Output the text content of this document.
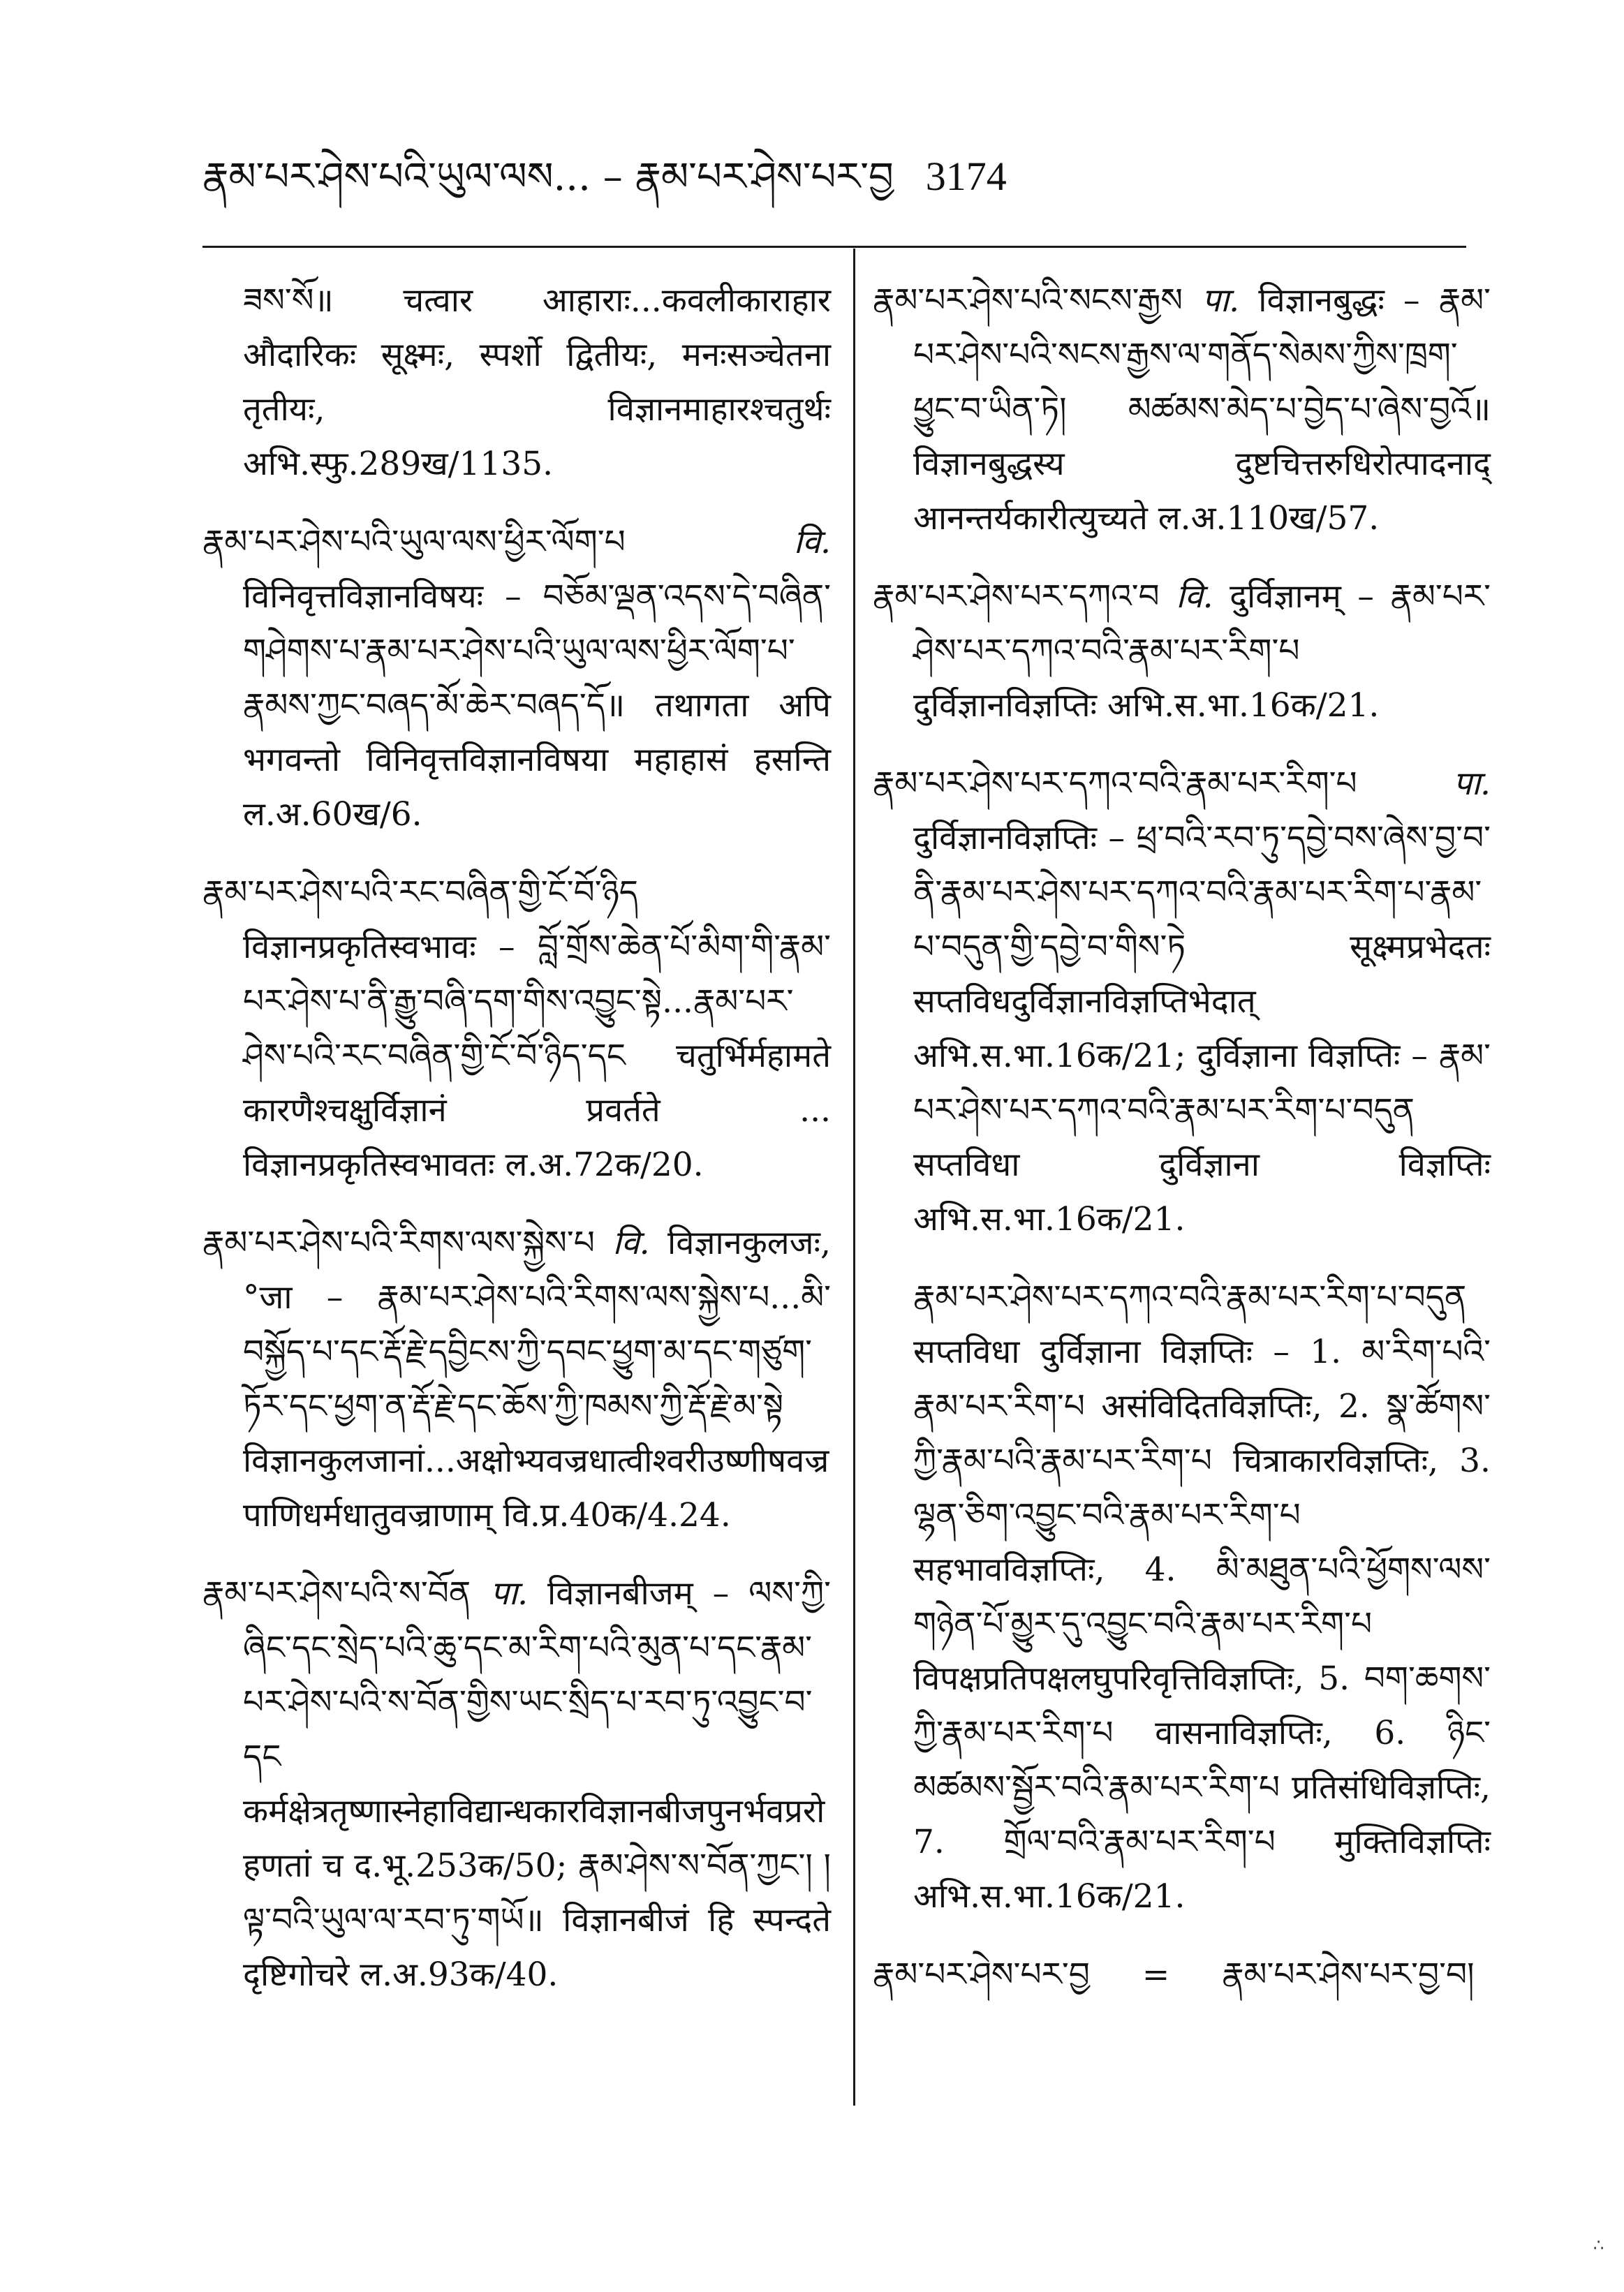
རྣམ་པར་ཤེས་པའི་ཡུལ་ལས... – རྣམ་པར་ཤེས་པར་བྱ 3174

ཟས་སོ॥ चत्वार आहाराः...कवलीकाराहार औदारिकः सूक्ष्मः, स्पर्शो द्वितीयः, मनःसञ्चेतना तृतीयः, विज्ञानमाहारश्चतुर्थः अभि.स्फु.289ख/1135.

རྣམ་པར་ཤེས་པའི་ཡུལ་ལས་ཕྱིར་ལོག་པ	वि. विनिवृत्तविज्ञानविषयः – བཅོམ་ལྡན་འདས་དེ་བཞིན་གཤེགས་པ་རྣམ་པར་ཤེས་པའི་ཡུལ་ལས་ཕྱིར་ལོག་པ་རྣམས་ཀྱང་བཞད་མོ་ཆེར་བཞད་དོ॥ तथागता अपि भगवन्तो विनिवृत्तविज्ञानविषया महाहासं हसन्ति ल.अ.60ख/6.

རྣམ་པར་ཤེས་པའི་རང་བཞིན་གྱི་ངོ་བོ་ཉིད विज्ञानप्रकृतिस्वभावः – བློ་གྲོས་ཆེན་པོ་མིག་གི་རྣམ་པར་ཤེས་པ་ནི་རྒྱུ་བཞི་དག་གིས་འབྱུང་སྟེ...རྣམ་པར་ཤེས་པའི་རང་བཞིན་གྱི་ངོ་བོ་ཉིད་དང चतुर्भिर्महामते कारणैश्चक्षुर्विज्ञानं प्रवर्तते ... विज्ञानप्रकृतिस्वभावतः ल.अ.72क/20.

རྣམ་པར་ཤེས་པའི་རིགས་ལས་སྐྱེས་པ वि. विज्ञानकुलजः, °जा – རྣམ་པར་ཤེས་པའི་རིགས་ལས་སྐྱེས་པ...མི་བསྐྱོད་པ་དང་རྡོ་རྗེ་དབྱིངས་ཀྱི་དབང་ཕྱུག་མ་དང་གཙུག་ཏོར་དང་ཕྱག་ན་རྡོ་རྗེ་དང་ཆོས་ཀྱི་ཁམས་ཀྱི་རྡོ་རྗེ་མ་སྟེ विज्ञानकुलजानां...अक्षोभ्यवज्रधात्वीश्वरीउष्णीषवज्रपाणिधर्मधातुवज्राणाम् वि.प्र.40क/4.24.

རྣམ་པར་ཤེས་པའི་ས་བོན पा. विज्ञानबीजम् – ལས་ཀྱི་ཞིང་དང་སྲེད་པའི་ཆུ་དང་མ་རིག་པའི་མུན་པ་དང་རྣམ་པར་ཤེས་པའི་ས་བོན་གྱིས་ཡང་སྲིད་པ་རབ་ཏུ་འབྱུང་བ་དང कर्मक्षेत्रतृष्णास्नेहाविद्यान्धकारविज्ञानबीजपुनर्भवप्ररोहणतां च द.भू.253क/50; རྣམ་ཤེས་ས་བོན་ཀྱང་། །ལྟ་བའི་ཡུལ་ལ་རབ་ཏུ་གཡོ॥ विज्ञानबीजं हि स्पन्दते दृष्टिगोचरे ल.अ.93क/40.

རྣམ་པར་ཤེས་པའི་སངས་རྒྱས पा. विज्ञानबुद्धः – རྣམ་པར་ཤེས་པའི་སངས་རྒྱས་ལ་གནོད་སེམས་ཀྱིས་ཁྲག་ཕྱུང་བ་ཡིན་ཏེ། མཚམས་མེད་པ་བྱེད་པ་ཞེས་བྱའོ॥ विज्ञानबुद्धस्य दुष्टचित्तरुधिरोत्पादनाद् आनन्तर्यकारीत्युच्यते ल.अ.110ख/57.

རྣམ་པར་ཤེས་པར་དཀའ་བ वि. दुर्विज्ञानम् – རྣམ་པར་ཤེས་པར་དཀའ་བའི་རྣམ་པར་རིག་པ दुर्विज्ञानविज्ञप्तिः अभि.स.भा.16क/21.

རྣམ་པར་ཤེས་པར་དཀའ་བའི་རྣམ་པར་རིག་པ	पा. दुर्विज्ञानविज्ञप्तिः – ཕྲ་བའི་རབ་ཏུ་དབྱེ་བས་ཞེས་བྱ་བ་ནི་རྣམ་པར་ཤེས་པར་དཀའ་བའི་རྣམ་པར་རིག་པ་རྣམ་པ་བདུན་གྱི་དབྱེ་བ་གིས་ཏེ सूक्ष्मप्रभेदतः सप्तविधदुर्विज्ञानविज्ञप्तिभेदात् अभि.स.भा.16क/21; दुर्विज्ञाना विज्ञप्तिः – རྣམ་པར་ཤེས་པར་དཀའ་བའི་རྣམ་པར་རིག་པ་བདུན सप्तविधा दुर्विज्ञाना विज्ञप्तिः अभि.स.भा.16क/21.

རྣམ་པར་ཤེས་པར་དཀའ་བའི་རྣམ་པར་རིག་པ་བདུན सप्तविधा दुर्विज्ञाना विज्ञप्तिः – 1. མ་རིག་པའི་རྣམ་པར་རིག་པ असंविदितविज्ञप्तिः, 2. སྣ་ཚོགས་ཀྱི་རྣམ་པའི་རྣམ་པར་རིག་པ चित्राकारविज्ञप्तिः, 3. ལྷན་ཅིག་འབྱུང་བའི་རྣམ་པར་རིག་པ सहभावविज्ञप्तिः, 4. མི་མཐུན་པའི་ཕྱོགས་ལས་གཉེན་པོ་མྱུར་དུ་འབྱུང་བའི་རྣམ་པར་རིག་པ विपक्षप्रतिपक्षलघुपरिवृत्तिविज्ञप्तिः, 5. བག་ཆགས་ཀྱི་རྣམ་པར་རིག་པ वासनाविज्ञप्तिः, 6. ཉིང་མཚམས་སྦྱོར་བའི་རྣམ་པར་རིག་པ प्रतिसंधिविज्ञप्तिः, 7. གྲོལ་བའི་རྣམ་པར་རིག་པ मुक्तिविज्ञप्तिः अभि.स.भा.16क/21.

རྣམ་པར་ཤེས་པར་བྱ = རྣམ་པར་ཤེས་པར་བྱ་བ།

∴
